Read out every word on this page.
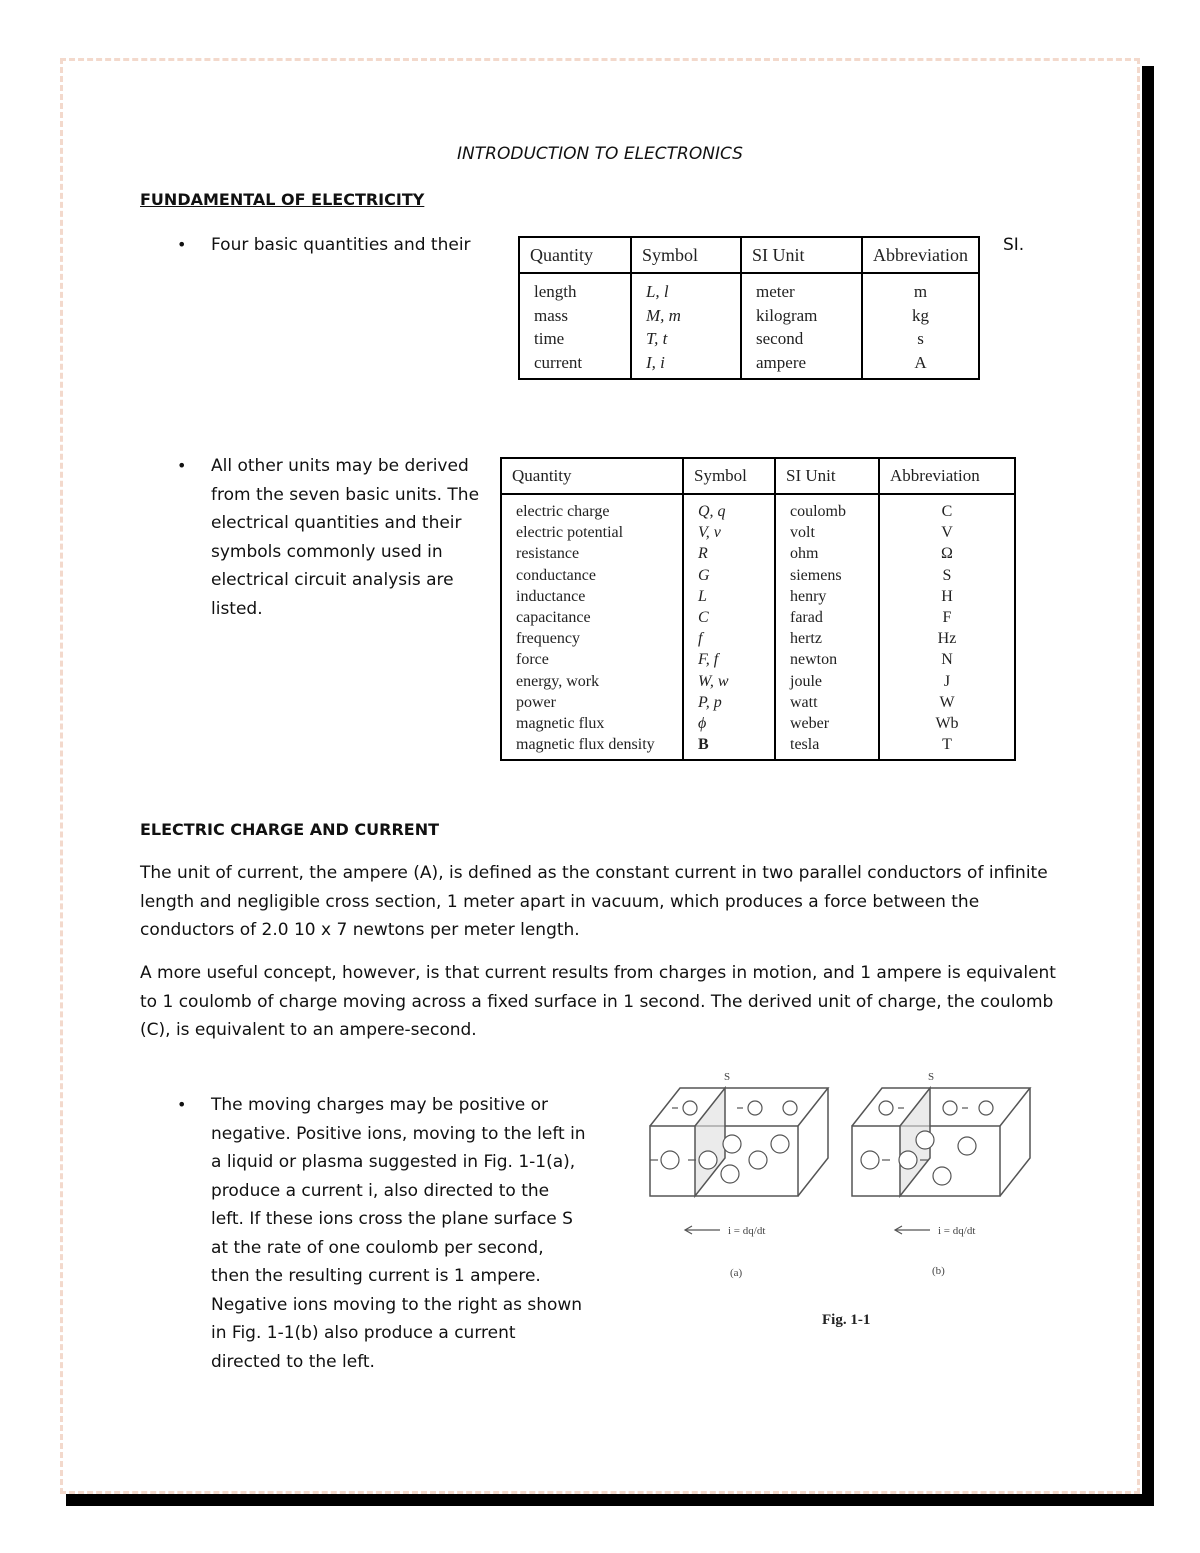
INTRODUCTION TO ELECTRONICS
FUNDAMENTAL OF ELECTRICITY
• Four basic quantities and their	SI.
Quantity	Symbol	SI Unit	Abbreviation
length	L, l	meter	m
mass	M, m	kilogram	kg
time	T, t	second	s
current	I, i	ampere	A
• All other units may be derived from the seven basic units. The electrical quantities and their symbols commonly used in electrical circuit analysis are listed.
Quantity	Symbol	SI Unit	Abbreviation
electric charge	Q, q	coulomb	C
electric potential	V, v	volt	V
resistance	R	ohm	Ω
conductance	G	siemens	S
inductance	L	henry	H
capacitance	C	farad	F
frequency	f	hertz	Hz
force	F, f	newton	N
energy, work	W, w	joule	J
power	P, p	watt	W
magnetic flux	ϕ	weber	Wb
magnetic flux density	B	tesla	T
ELECTRIC CHARGE AND CURRENT
The unit of current, the ampere (A), is defined as the constant current in two parallel conductors of infinite length and negligible cross section, 1 meter apart in vacuum, which produces a force between the conductors of 2.0 10 x 7 newtons per meter length.
A more useful concept, however, is that current results from charges in motion, and 1 ampere is equivalent to 1 coulomb of charge moving across a fixed surface in 1 second. The derived unit of charge, the coulomb (C), is equivalent to an ampere-second.
• The moving charges may be positive or negative. Positive ions, moving to the left in a liquid or plasma suggested in Fig. 1-1(a), produce a current i, also directed to the left. If these ions cross the plane surface S at the rate of one coulomb per second, then the resulting current is 1 ampere. Negative ions moving to the right as shown in Fig. 1-1(b) also produce a current directed to the left.
S	S
i = dq/dt	i = dq/dt
(a)	(b)
Fig. 1-1
